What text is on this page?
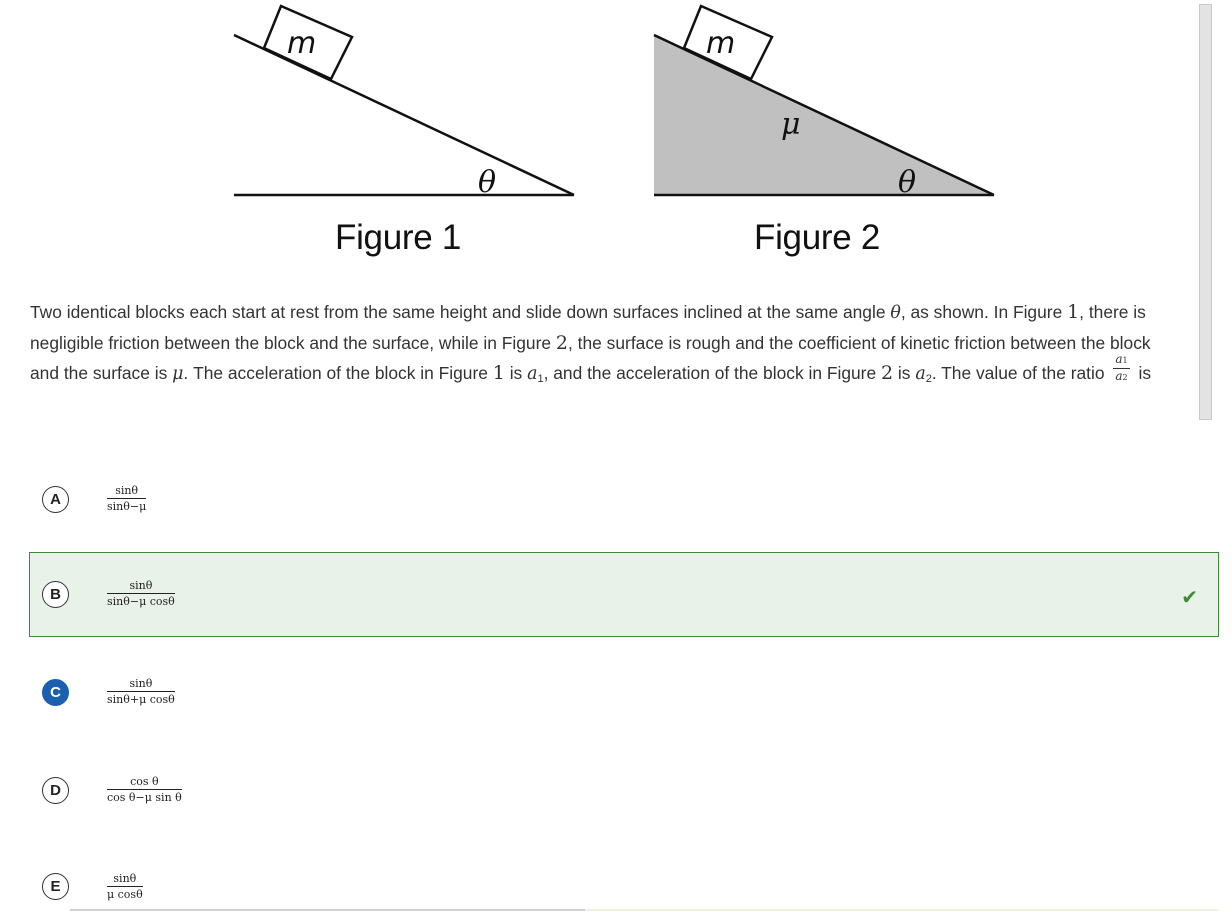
m
θ
m
μ
θ
Figure 1	Figure 2
Two identical blocks each start at rest from the same height and slide down surfaces inclined at the same angle θ, as shown. In Figure 1, there is negligible friction between the block and the surface, while in Figure 2, the surface is rough and the coefficient of kinetic friction between the block and the surface is μ. The acceleration of the block in Figure 1 is a1, and the acceleration of the block in Figure 2 is a2. The value of the ratio $\frac{a1}{a2}$ is
A	$\frac{\sin\theta}{\sin\theta-\mu}$
B	$\frac{\sin\theta}{\text{sinθ−μ cosθ}}$	✔
C	$\frac{\sin\theta}{\text{sinθ+μ cosθ}}$
D	$\frac{\text{cos θ}}{\text{cos θ−μ sin θ}}$
E	$\frac{\sin\theta}{\text{μ cosθ}}$
